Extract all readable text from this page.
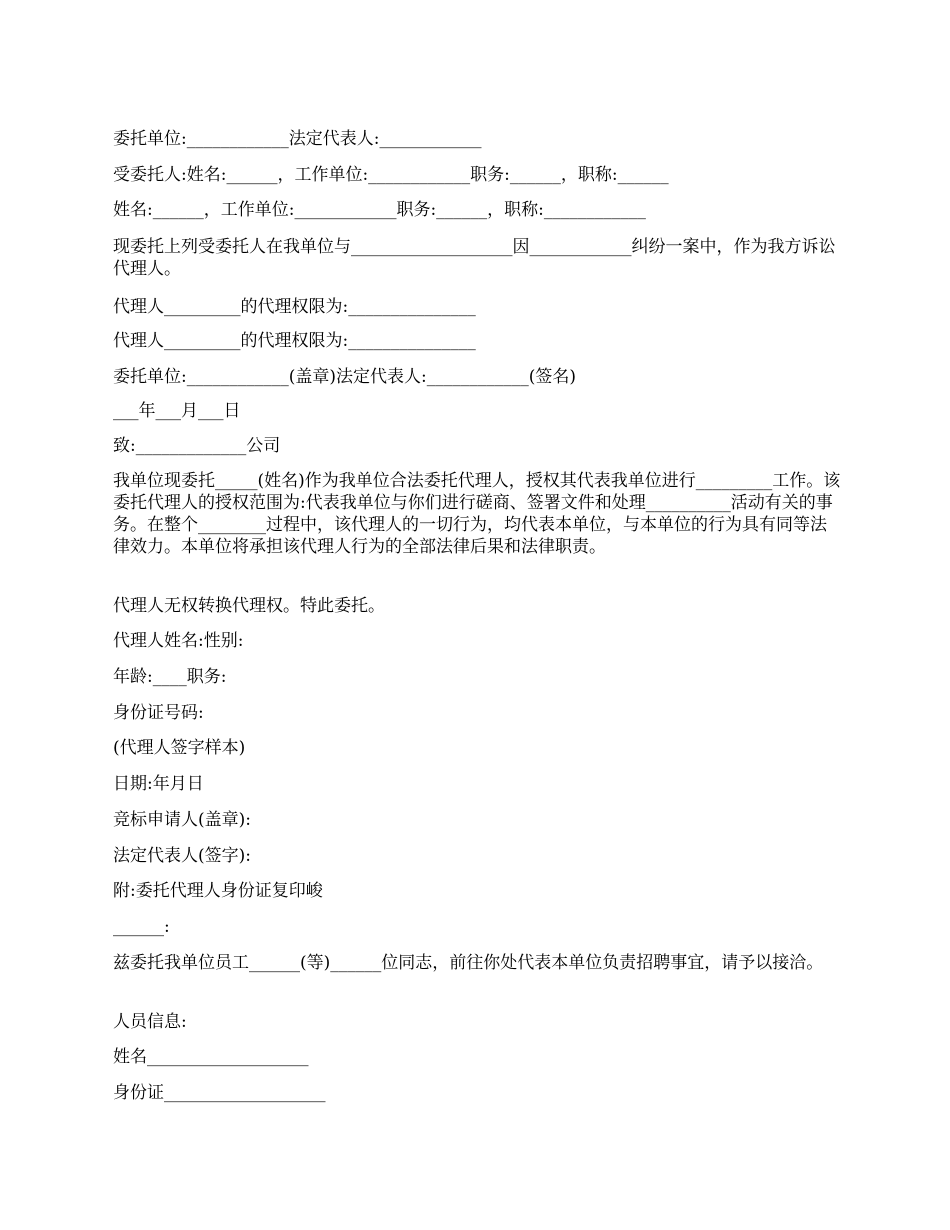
委托单位:____________法定代表人:____________
受委托人:姓名:______，工作单位:____________职务:______，职称:______
姓名:______，工作单位:____________职务:______，职称:____________
现委托上列受委托人在我单位与___________________因____________纠纷一案中，作为我方诉讼代理人。
代理人_________的代理权限为:_______________
代理人_________的代理权限为:_______________
委托单位:____________(盖章)法定代表人:____________(签名)
___年___月___日
致:_____________公司
我单位现委托_____(姓名)作为我单位合法委托代理人，授权其代表我单位进行_________工作。该委托代理人的授权范围为:代表我单位与你们进行磋商、签署文件和处理__________活动有关的事务。在整个________过程中，该代理人的一切行为，均代表本单位，与本单位的行为具有同等法律效力。本单位将承担该代理人行为的全部法律后果和法律职责。
代理人无权转换代理权。特此委托。
代理人姓名:性别:
年龄:____职务:
身份证号码:
(代理人签字样本)
日期:年月日
竞标申请人(盖章):
法定代表人(签字):
附:委托代理人身份证复印峻
______:
兹委托我单位员工______(等)______位同志，前往你处代表本单位负责招聘事宜，请予以接洽。
人员信息:
姓名___________________
身份证___________________
